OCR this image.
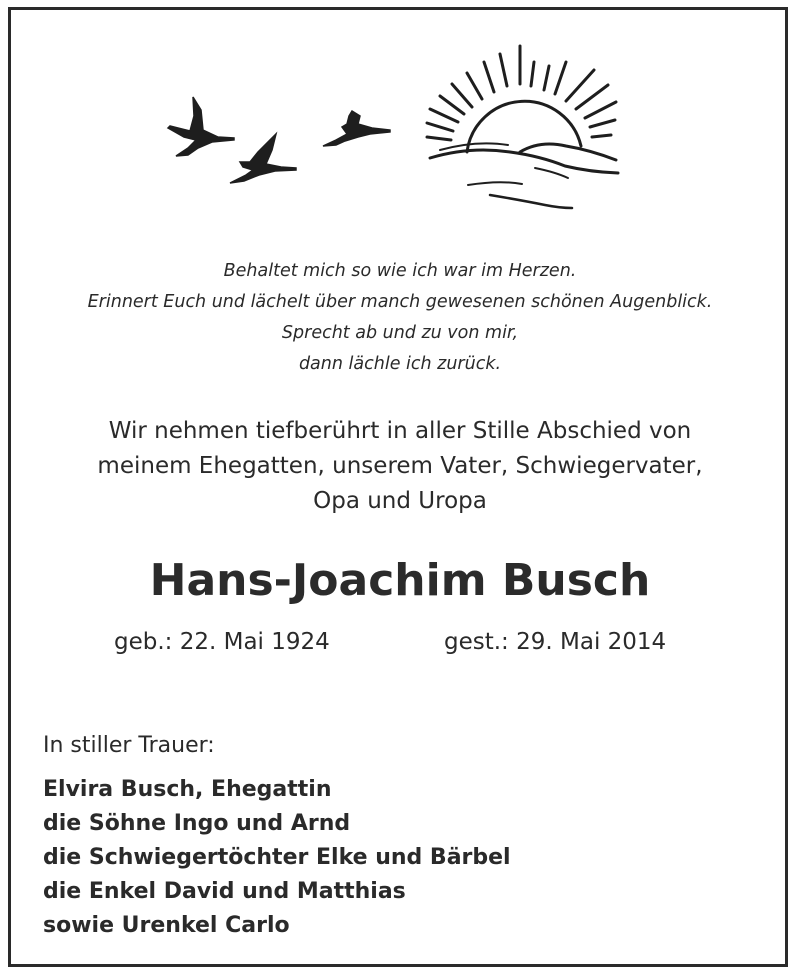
Behaltet mich so wie ich war im Herzen.
Erinnert Euch und lächelt über manch gewesenen schönen Augenblick.
Sprecht ab und zu von mir,
dann lächle ich zurück.
Wir nehmen tiefberührt in aller Stille Abschied von
meinem Ehegatten, unserem Vater, Schwiegervater,
Opa und Uropa
Hans-Joachim Busch
geb.: 22. Mai 1924	gest.: 29. Mai 2014
In stiller Trauer:
Elvira Busch, Ehegattin
die Söhne Ingo und Arnd
die Schwiegertöchter Elke und Bärbel
die Enkel David und Matthias
sowie Urenkel Carlo
